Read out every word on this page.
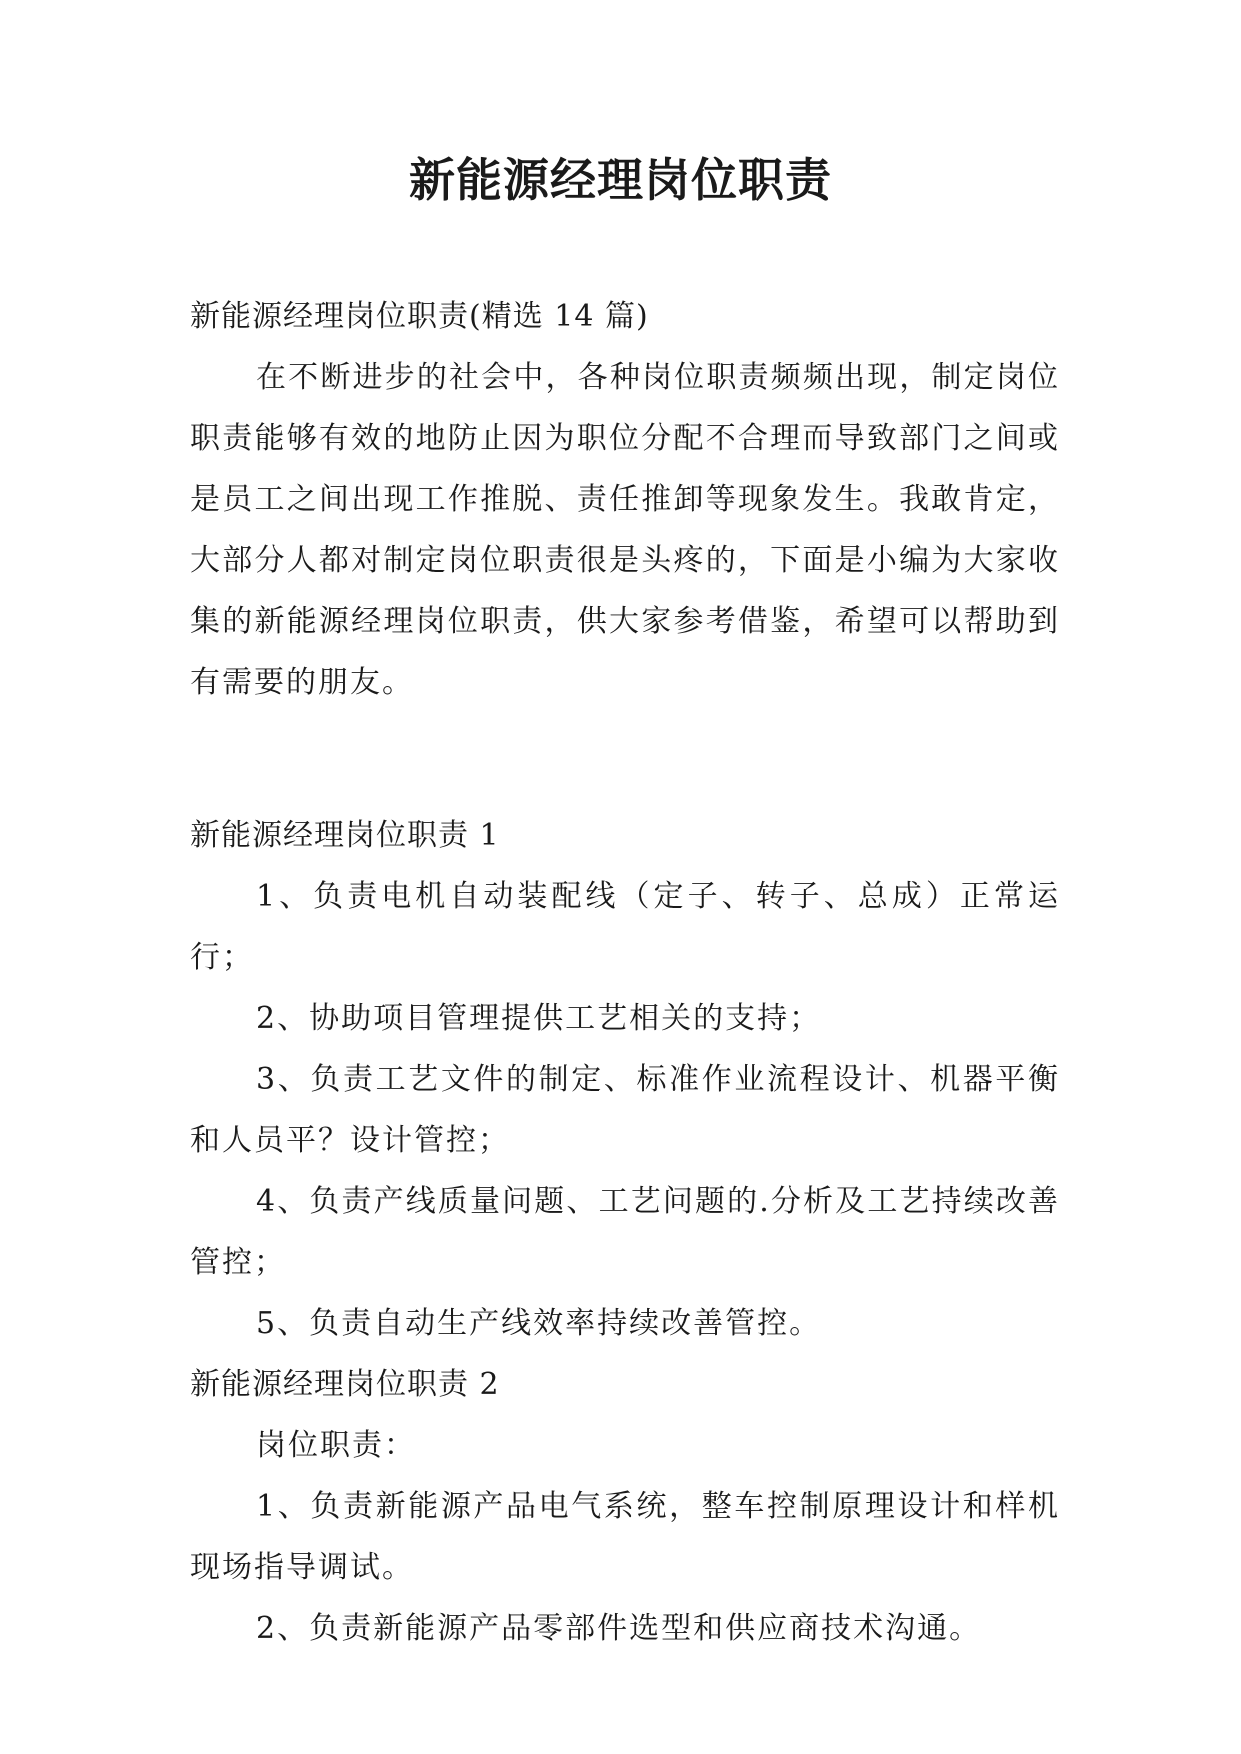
新能源经理岗位职责

新能源经理岗位职责(精选 14 篇)

在不断进步的社会中，各种岗位职责频频出现，制定岗位职责能够有效的地防止因为职位分配不合理而导致部门之间或是员工之间出现工作推脱、责任推卸等现象发生。我敢肯定，大部分人都对制定岗位职责很是头疼的，下面是小编为大家收集的新能源经理岗位职责，供大家参考借鉴，希望可以帮助到有需要的朋友。

新能源经理岗位职责 1

1、负责电机自动装配线（定子、转子、总成）正常运行；

2、协助项目管理提供工艺相关的支持；

3、负责工艺文件的制定、标准作业流程设计、机器平衡和人员平？设计管控；

4、负责产线质量问题、工艺问题的.分析及工艺持续改善管控；

5、负责自动生产线效率持续改善管控。

新能源经理岗位职责 2

岗位职责：

1、负责新能源产品电气系统，整车控制原理设计和样机现场指导调试。

2、负责新能源产品零部件选型和供应商技术沟通。
